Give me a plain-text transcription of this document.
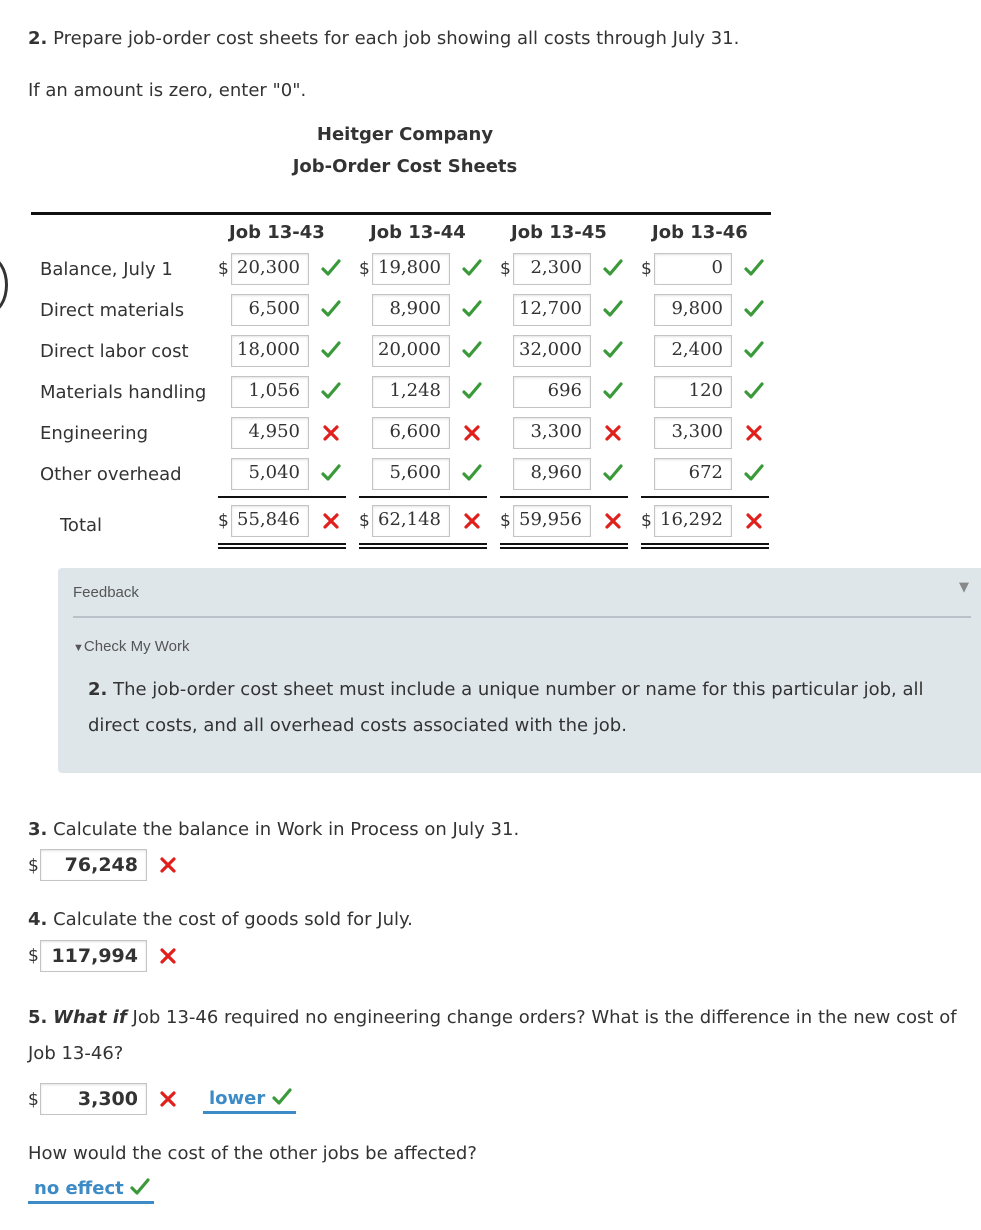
2. Prepare job-order cost sheets for each job showing all costs through July 31.
If an amount is zero, enter "0".
Heitger Company
Job-Order Cost Sheets
Job 13-43	Job 13-44	Job 13-45	Job 13-46
Balance, July 1	$ 20,300	$ 19,800	$	2,300	$	0
Direct materials	6,500	8,900	12,700	9,800
Direct labor cost	18,000	20,000	32,000	2,400
Materials handling	1,056	1,248	696	120
Engineering	4,950	6,600	3,300	3,300
Other overhead	5,040	5,600	8,960	672
Total	$ 55,846	$ 62,148	$ 59,956	$ 16,292
Feedback	▼
▼Check My Work
2. The job-order cost sheet must include a unique number or name for this particular job, all direct costs, and all overhead costs associated with the job.
3. Calculate the balance in Work in Process on July 31.
$	76,248
4. Calculate the cost of goods sold for July.
$ 117,994
5. What if Job 13-46 required no engineering change orders? What is the difference in the new cost of
Job 13-46?
$	3,300	lower
How would the cost of the other jobs be affected?
no effect
